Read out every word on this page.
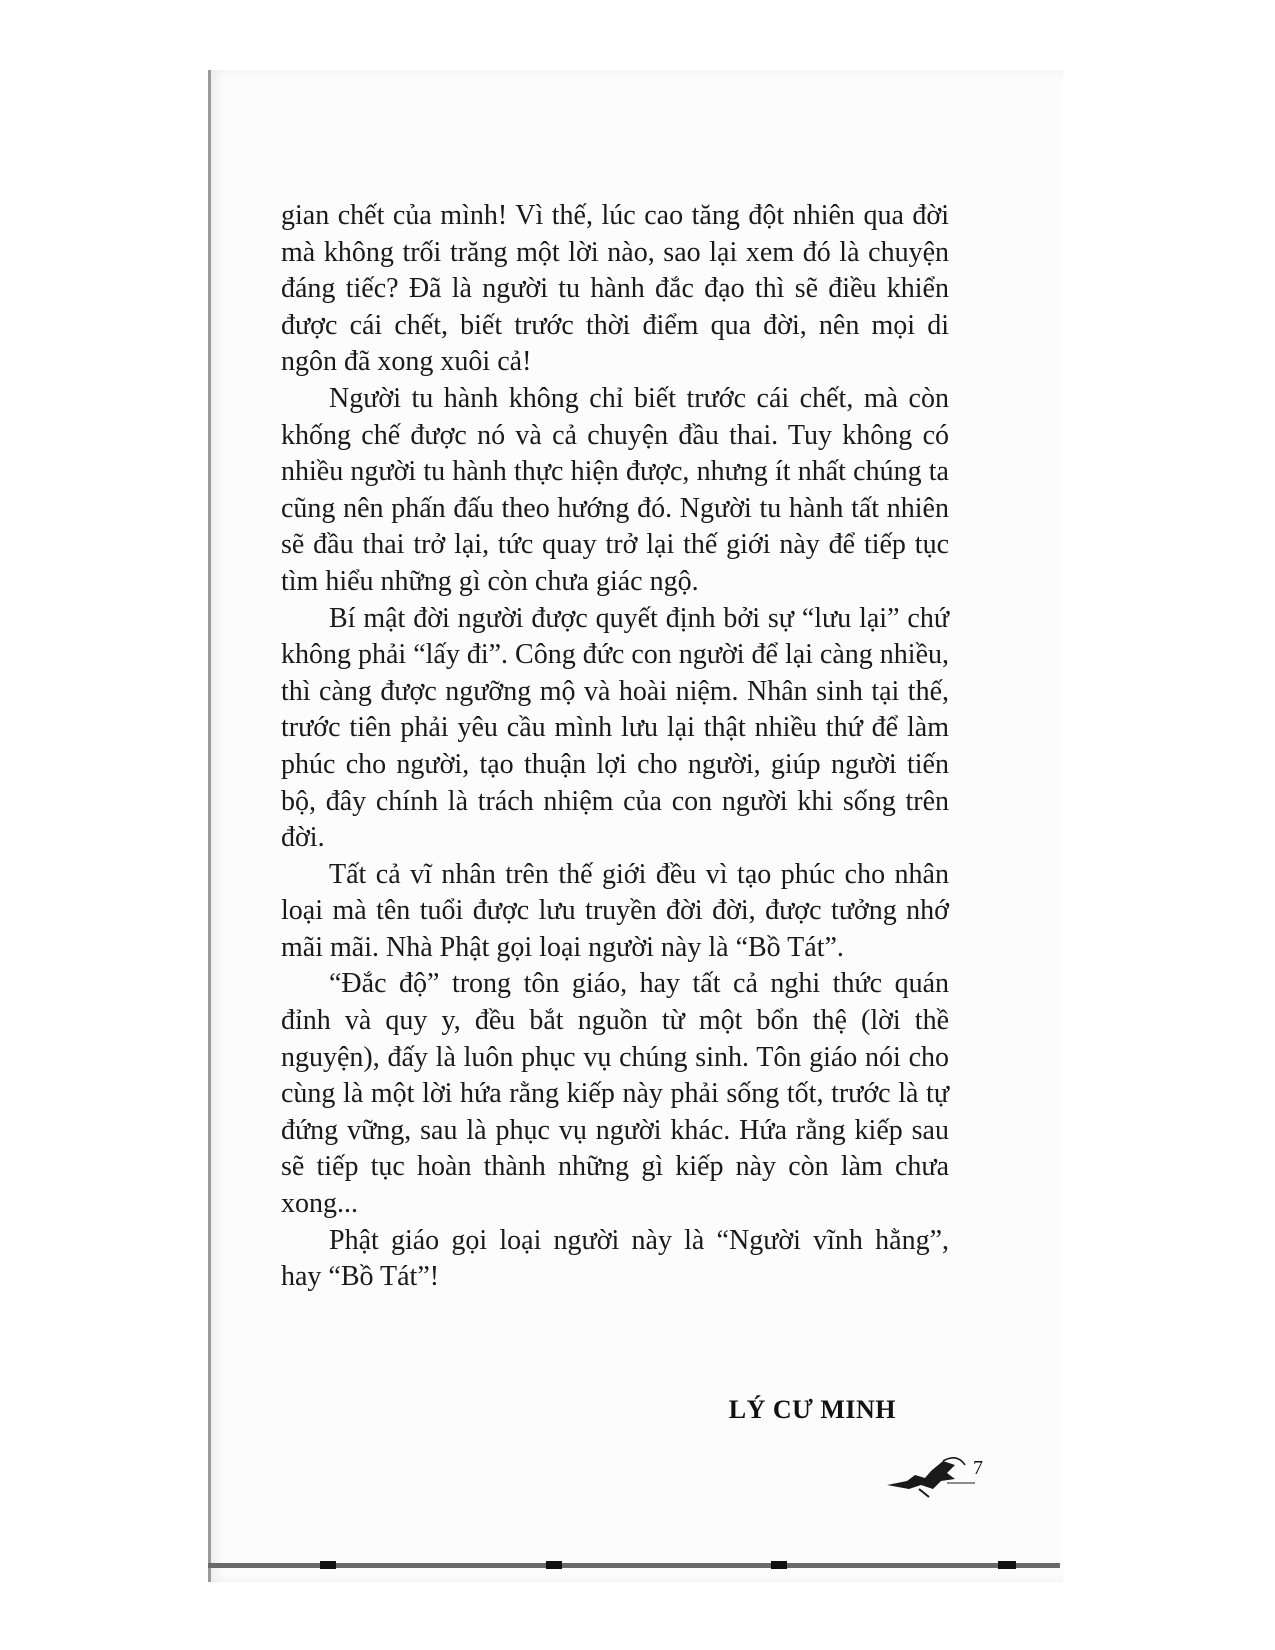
gian chết của mình! Vì thế, lúc cao tăng đột nhiên qua đời mà không trối trăng một lời nào, sao lại xem đó là chuyện đáng tiếc? Đã là người tu hành đắc đạo thì sẽ điều khiển được cái chết, biết trước thời điểm qua đời, nên mọi di ngôn đã xong xuôi cả!

Người tu hành không chỉ biết trước cái chết, mà còn khống chế được nó và cả chuyện đầu thai. Tuy không có nhiều người tu hành thực hiện được, nhưng ít nhất chúng ta cũng nên phấn đấu theo hướng đó. Người tu hành tất nhiên sẽ đầu thai trở lại, tức quay trở lại thế giới này để tiếp tục tìm hiểu những gì còn chưa giác ngộ.

Bí mật đời người được quyết định bởi sự “lưu lại” chứ không phải “lấy đi”. Công đức con người để lại càng nhiều, thì càng được ngưỡng mộ và hoài niệm. Nhân sinh tại thế, trước tiên phải yêu cầu mình lưu lại thật nhiều thứ để làm phúc cho người, tạo thuận lợi cho người, giúp người tiến bộ, đây chính là trách nhiệm của con người khi sống trên đời.

Tất cả vĩ nhân trên thế giới đều vì tạo phúc cho nhân loại mà tên tuổi được lưu truyền đời đời, được tưởng nhớ mãi mãi. Nhà Phật gọi loại người này là “Bồ Tát”.

“Đắc độ” trong tôn giáo, hay tất cả nghi thức quán đỉnh và quy y, đều bắt nguồn từ một bổn thệ (lời thề nguyện), đấy là luôn phục vụ chúng sinh. Tôn giáo nói cho cùng là một lời hứa rằng kiếp này phải sống tốt, trước là tự đứng vững, sau là phục vụ người khác. Hứa rằng kiếp sau sẽ tiếp tục hoàn thành những gì kiếp này còn làm chưa xong...

Phật giáo gọi loại người này là “Người vĩnh hằng”, hay “Bồ Tát”!

LÝ CƯ MINH
7
